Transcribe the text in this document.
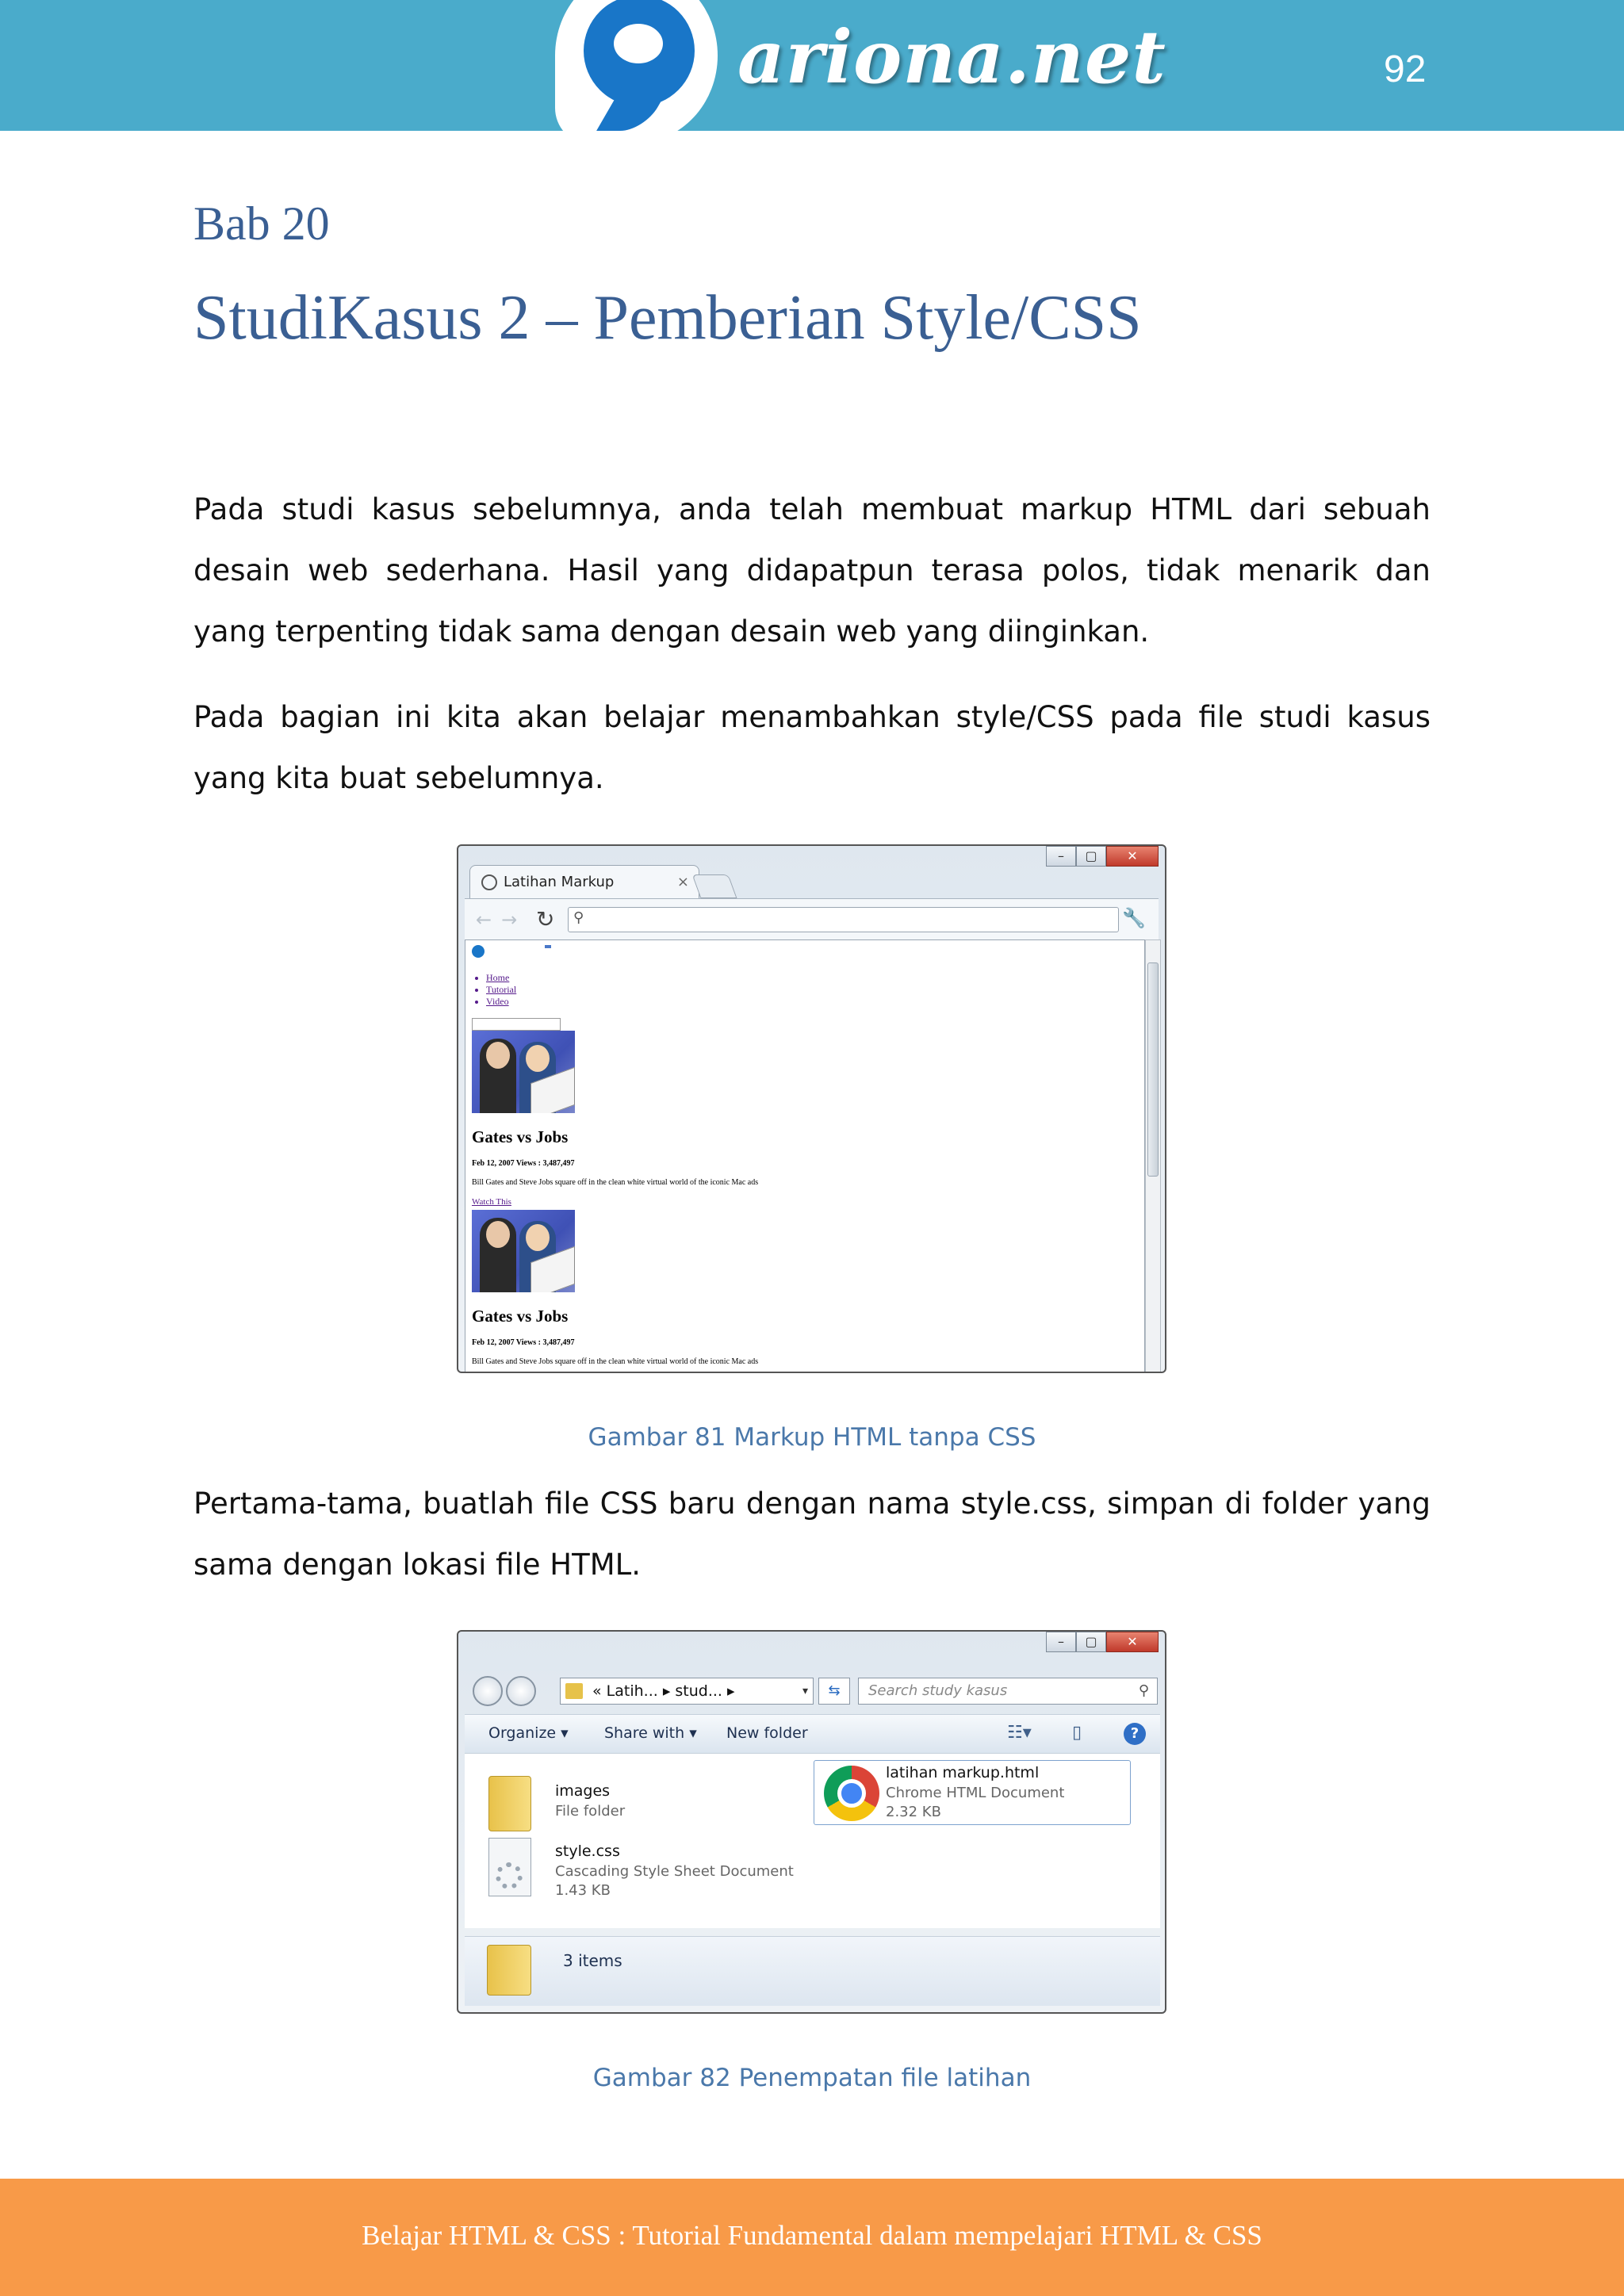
ariona.net	92
Bab 20
StudiKasus 2 – Pemberian Style/CSS

Pada studi kasus sebelumnya, anda telah membuat markup HTML dari sebuah desain web sederhana. Hasil yang didapatpun terasa polos, tidak menarik dan yang terpenting tidak sama dengan desain web yang diinginkan.

Pada bagian ini kita akan belajar menambahkan style/CSS pada file studi kasus yang kita buat sebelumnya.

–	▢	✕
Latihan Markup	×
←→ ↻ ⚲	🔧
• Home
• Tutorial
• Video
Gates vs Jobs
Feb 12, 2007 Views : 3,487,497
Bill Gates and Steve Jobs square off in the clean white virtual world of the iconic Mac ads
Watch This
Gates vs Jobs
Feb 12, 2007 Views : 3,487,497
Bill Gates and Steve Jobs square off in the clean white virtual world of the iconic Mac ads
Gambar 81 Markup HTML tanpa CSS

Pertama-tama, buatlah file CSS baru dengan nama style.css, simpan di folder yang sama dengan lokasi file HTML.

–	▢	✕
« Latih... ▸ stud... ▸	▾	⇆	Search study kasus	⚲
Organize ▾ Share with ▾ New folder	☷▾ ▯	?
images
File folder
latihan markup.html
Chrome HTML Document
2.32 KB
style.css
Cascading Style Sheet Document
1.43 KB
3 items
Gambar 82 Penempatan file latihan
Belajar HTML & CSS : Tutorial Fundamental dalam mempelajari HTML & CSS
